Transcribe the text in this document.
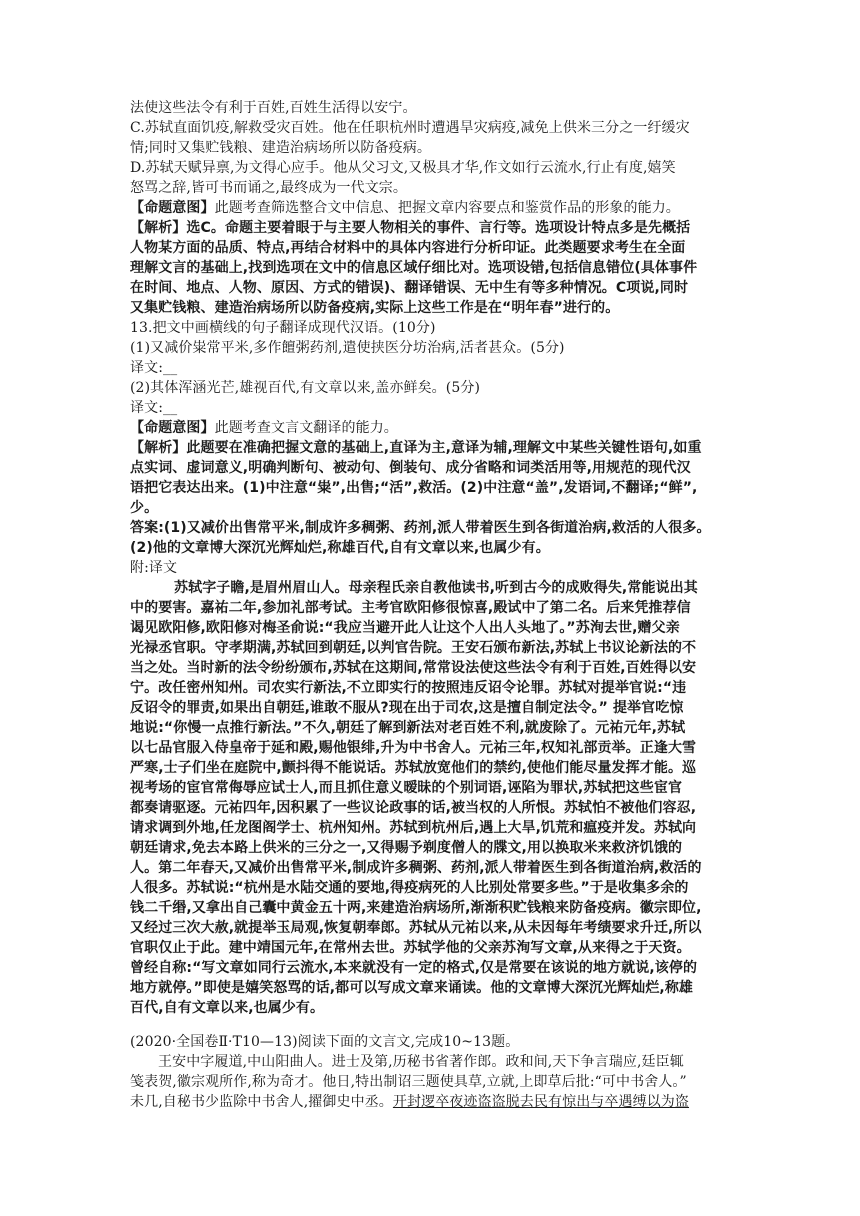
法使这些法令有利于百姓,百姓生活得以安宁。
C.苏轼直面饥疫,解救受灾百姓。他在任职杭州时遭遇旱灾病疫,减免上供米三分之一纡缓灾
情;同时又集贮钱粮、建造治病场所以防备疫病。
D.苏轼天赋异禀,为文得心应手。他从父习文,又极具才华,作文如行云流水,行止有度,嬉笑
怒骂之辞,皆可书而诵之,最终成为一代文宗。
【命题意图】此题考查筛选整合文中信息、把握文章内容要点和鉴赏作品的形象的能力。
【解析】选C。命题主要着眼于与主要人物相关的事件、言行等。选项设计特点多是先概括
人物某方面的品质、特点,再结合材料中的具体内容进行分析印证。此类题要求考生在全面
理解文言的基础上,找到选项在文中的信息区域仔细比对。选项设错,包括信息错位(具体事件
在时间、地点、人物、原因、方式的错误)、翻译错误、无中生有等多种情况。C项说,同时
又集贮钱粮、建造治病场所以防备疫病,实际上这些工作是在“明年春”进行的。
13.把文中画横线的句子翻译成现代汉语。(10分)
(1)又减价粜常平米,多作饘粥药剂,遣使挟医分坊治病,活者甚众。(5分)
译文:__
(2)其体浑涵光芒,雄视百代,有文章以来,盖亦鲜矣。(5分)
译文:__
【命题意图】此题考查文言文翻译的能力。
【解析】此题要在准确把握文意的基础上,直译为主,意译为辅,理解文中某些关键性语句,如重
点实词、虚词意义,明确判断句、被动句、倒装句、成分省略和词类活用等,用规范的现代汉
语把它表达出来。(1)中注意“粜”,出售;“活”,救活。(2)中注意“盖”,发语词,不翻译;“鲜”,
少。
答案:(1)又减价出售常平米,制成许多稠粥、药剂,派人带着医生到各街道治病,救活的人很多。
(2)他的文章博大深沉光辉灿烂,称雄百代,自有文章以来,也属少有。
附:译文
苏轼字子瞻,是眉州眉山人。母亲程氏亲自教他读书,听到古今的成败得失,常能说出其
中的要害。嘉祐二年,参加礼部考试。主考官欧阳修很惊喜,殿试中了第二名。后来凭推荐信
谒见欧阳修,欧阳修对梅圣俞说:“我应当避开此人让这个人出人头地了。”苏洵去世,赠父亲
光禄丞官职。守孝期满,苏轼回到朝廷,以判官告院。王安石颁布新法,苏轼上书议论新法的不
当之处。当时新的法令纷纷颁布,苏轼在这期间,常常设法使这些法令有利于百姓,百姓得以安
宁。改任密州知州。司农实行新法,不立即实行的按照违反诏令论罪。苏轼对提举官说:“违
反诏令的罪责,如果出自朝廷,谁敢不服从?现在出于司农,这是擅自制定法令。” 提举官吃惊
地说:“你慢一点推行新法。”不久,朝廷了解到新法对老百姓不利,就废除了。元祐元年,苏轼
以七品官服入侍皇帝于延和殿,赐他银绯,升为中书舍人。元祐三年,权知礼部贡举。正逢大雪
严寒,士子们坐在庭院中,颤抖得不能说话。苏轼放宽他们的禁约,使他们能尽量发挥才能。巡
视考场的宦官常侮辱应试士人,而且抓住意义暧昧的个别词语,诬陷为罪状,苏轼把这些宦官
都奏请驱逐。元祐四年,因积累了一些议论政事的话,被当权的人所恨。苏轼怕不被他们容忍,
请求调到外地,任龙图阁学士、杭州知州。苏轼到杭州后,遇上大旱,饥荒和瘟疫并发。苏轼向
朝廷请求,免去本路上供米的三分之一,又得赐予剃度僧人的牒文,用以换取米来救济饥饿的
人。第二年春天,又减价出售常平米,制成许多稠粥、药剂,派人带着医生到各街道治病,救活的
人很多。苏轼说:“杭州是水陆交通的要地,得疫病死的人比别处常要多些。”于是收集多余的
钱二千缗,又拿出自己囊中黄金五十两,来建造治病场所,渐渐积贮钱粮来防备疫病。徽宗即位,
又经过三次大赦,就提举玉局观,恢复朝奉郎。苏轼从元祐以来,从未因每年考绩要求升迁,所以
官职仅止于此。建中靖国元年,在常州去世。苏轼学他的父亲苏洵写文章,从来得之于天资。
曾经自称:“写文章如同行云流水,本来就没有一定的格式,仅是常要在该说的地方就说,该停的
地方就停。”即使是嬉笑怒骂的话,都可以写成文章来诵读。他的文章博大深沉光辉灿烂,称雄
百代,自有文章以来,也属少有。
(2020·全国卷Ⅱ·T10—13)阅读下面的文言文,完成10~13题。
王安中字履道,中山阳曲人。进士及第,历秘书省著作郎。政和间,天下争言瑞应,廷臣辄
笺表贺,徽宗观所作,称为奇才。他日,特出制诏三题使具草,立就,上即草后批:“可中书舍人。”
未几,自秘书少监除中书舍人,擢御史中丞。开封逻卒夜迹盗盗脱去民有惊出与卒遇缚以为盗
